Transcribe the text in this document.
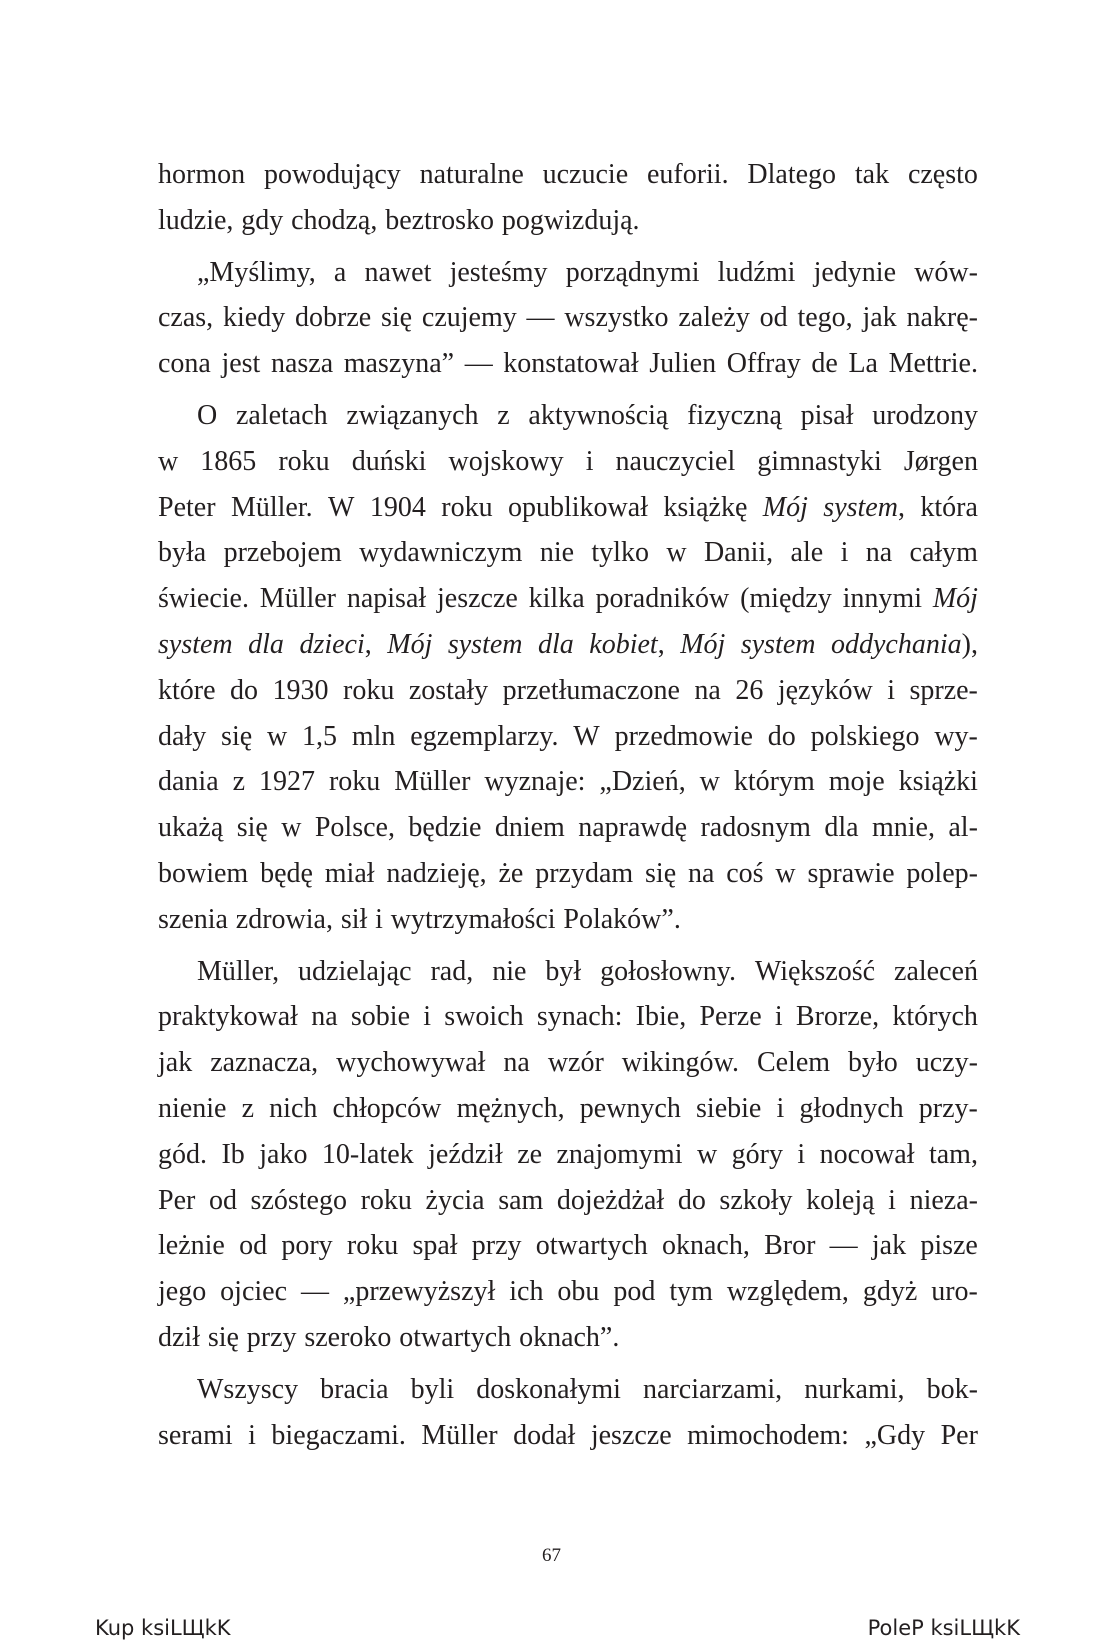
hormon powodujący naturalne uczucie euforii. Dlatego tak często
ludzie, gdy chodzą, beztrosko pogwizdują.
„Myślimy, a nawet jesteśmy porządnymi ludźmi jedynie wów-
czas, kiedy dobrze się czujemy — wszystko zależy od tego, jak nakrę-
cona jest nasza maszyna” — konstatował Julien Offray de La Mettrie.
O zaletach związanych z aktywnością fizyczną pisał urodzony
w 1865 roku duński wojskowy i nauczyciel gimnastyki Jørgen
Peter Müller. W 1904 roku opublikował książkę Mój system, która
była przebojem wydawniczym nie tylko w Danii, ale i na całym
świecie. Müller napisał jeszcze kilka poradników (między innymi Mój
system dla dzieci, Mój system dla kobiet, Mój system oddychania),
które do 1930 roku zostały przetłumaczone na 26 języków i sprze-
dały się w 1,5 mln egzemplarzy. W przedmowie do polskiego wy-
dania z 1927 roku Müller wyznaje: „Dzień, w którym moje książki
ukażą się w Polsce, będzie dniem naprawdę radosnym dla mnie, al-
bowiem będę miał nadzieję, że przydam się na coś w sprawie polep-
szenia zdrowia, sił i wytrzymałości Polaków”.
Müller, udzielając rad, nie był gołosłowny. Większość zaleceń
praktykował na sobie i swoich synach: Ibie, Perze i Brorze, których
jak zaznacza, wychowywał na wzór wikingów. Celem było uczy-
nienie z nich chłopców mężnych, pewnych siebie i głodnych przy-
gód. Ib jako 10-latek jeździł ze znajomymi w góry i nocował tam,
Per od szóstego roku życia sam dojeżdżał do szkoły koleją i nieza-
leżnie od pory roku spał przy otwartych oknach, Bror — jak pisze
jego ojciec — „przewyższył ich obu pod tym względem, gdyż uro-
dził się przy szeroko otwartych oknach”.
Wszyscy bracia byli doskonałymi narciarzami, nurkami, bok-
serami i biegaczami. Müller dodał jeszcze mimochodem: „Gdy Per
67
Kup ksiLЩkK	PoleP ksiLЩkK
